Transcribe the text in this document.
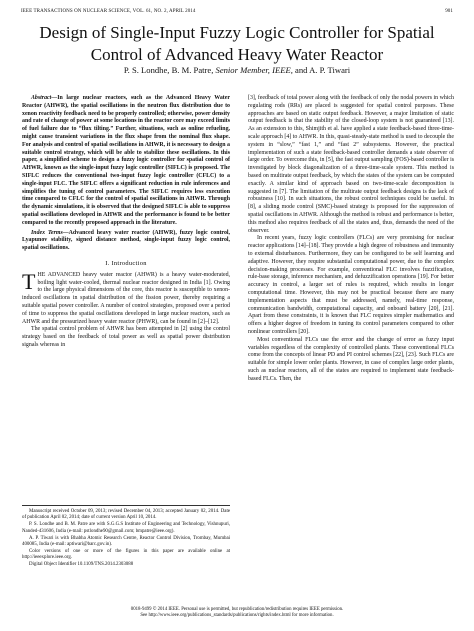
IEEE TRANSACTIONS ON NUCLEAR SCIENCE, VOL. 61, NO. 2, APRIL 2014	901
Design of Single-Input Fuzzy Logic Controller for Spatial Control of Advanced Heavy Water Reactor
P. S. Londhe, B. M. Patre, Senior Member, IEEE, and A. P. Tiwari

Abstract—In large nuclear reactors, such as the Advanced Heavy Water Reactor (AHWR), the spatial oscillations in the neutron flux distribution due to xenon reactivity feedback need to be properly controlled; otherwise, power density and rate of change of power at some locations in the reactor core may exceed limits of fuel failure due to “flux tilting.” Further, situations, such as online refueling, might cause transient variations in the flux shape from the nominal flux shape. For analysis and control of spatial oscillations in AHWR, it is necessary to design a suitable control strategy, which will be able to stabilize these oscillations. In this paper, a simplified scheme to design a fuzzy logic controller for spatial control of AHWR, known as the single-input fuzzy logic controller (SIFLC) is proposed. The SIFLC reduces the conventional two-input fuzzy logic controller (CFLC) to a single-input FLC. The SIFLC offers a significant reduction in rule inferences and simplifies the tuning of control parameters. The SIFLC requires less execution time compared to CFLC for the control of spatial oscillations in AHWR. Through the dynamic simulations, it is observed that the designed SIFLC is able to suppress spatial oscillations developed in AHWR and the performance is found to be better compared to the recently proposed approach in the literature.

Index Terms—Advanced heavy water reactor (AHWR), fuzzy logic control, Lyapunov stability, signed distance method, single-input fuzzy logic control, spatial oscillations.

I. Introduction

THE ADVANCED heavy water reactor (AHWR) is a heavy water-moderated, boiling light water-cooled, thermal nuclear reactor designed in India [1]. Owing to the large physical dimensions of the core, this reactor is susceptible to xenon-induced oscillations in spatial distribution of the fission power, thereby requiring a suitable spatial power controller. A number of control strategies, proposed over a period of time to suppress the spatial oscillations developed in large nuclear reactors, such as AHWR and the pressurized heavy water reactor (PHWR), can be found in [2]–[12].

The spatial control problem of AHWR has been attempted in [2] using the control strategy based on the feedback of total power as well as spatial power distribution signals whereas in

Manuscript received October 09, 2013; revised December 04, 2013; accepted January 02, 2014. Date of publication April 02, 2014; date of current version April 10, 2014.

P. S. Londhe and B. M. Patre are with S.G.G.S Institute of Engineering and Technology, Vishnupuri, Nanded-431606, India (e-mail: pstlondhe90@gmail.com; bmpatre@ieee.org).

A. P. Tiwari is with Bhabha Atomic Research Centre, Reactor Control Division, Trombay, Mumbai 400085, India (e-mail: aptiwari@barc.gov.in).

Color versions of one or more of the figures in this paper are available online at http://ieeexplore.ieee.org.

Digital Object Identifier 10.1109/TNS.2014.2303088

[3], feedback of total power along with the feedback of only the nodal powers in which regulating rods (RRs) are placed is suggested for spatial control purposes. These approaches are based on static output feedback. However, a major limitation of static output feedback is that the stability of the closed-loop system is not guaranteed [13]. As an extension to this, Shimjith et al. have applied a state feedback-based three-time-scale approach [4] to AHWR. In this, quasi-steady-state method is used to decouple the system in “slow,” “fast 1,” and “fast 2” subsystems. However, the practical implementation of such a state feedback-based controller demands a state observer of large order. To overcome this, in [5], the fast output sampling (FOS)-based controller is investigated by block diagonalization of a three-time-scale system. This method is based on multirate output feedback, by which the states of the system can be computed exactly. A similar kind of approach based on two-time-scale decomposition is suggested in [7]. The limitation of the multirate output feedback designs is the lack of robustness [10]. In such situations, the robust control techniques could be useful. In [8], a sliding mode control (SMC)-based strategy is proposed for the suppression of spatial oscillations in AHWR. Although the method is robust and performance is better, this method also requires feedback of all the states and, thus, demands the need of the observer.

In recent years, fuzzy logic controllers (FLCs) are very promising for nuclear reactor applications [14]–[18]. They provide a high degree of robustness and immunity to external disturbances. Furthermore, they can be configured to be self learning and adaptive. However, they require substantial computational power, due to the complex decision-making processes. For example, conventional FLC involves fuzzification, rule-base storage, inference mechanism, and defuzzification operations [19]. For better accuracy in control, a larger set of rules is required, which results in longer computational time. However, this may not be practical because there are many implementation aspects that must be addressed, namely, real-time response, communication bandwidth, computational capacity, and onboard battery [20], [21]. Apart from these constraints, it is known that FLC requires simpler mathematics and offers a higher degree of freedom in tuning its control parameters compared to other nonlinear controllers [20].

Most conventional FLCs use the error and the change of error as fuzzy input variables regardless of the complexity of controlled plants. These conventional FLCs come from the concepts of linear PD and PI control schemes [22], [23]. Such FLCs are suitable for simple lower order plants. However, in case of complex large order plants, such as nuclear reactors, all of the states are required to implement state feedback-based FLCs. Then, the

0018-9499 © 2014 IEEE. Personal use is permitted, but republication/redistribution requires IEEE permission.
See http://www.ieee.org/publications_standards/publications/rights/index.html for more information.
